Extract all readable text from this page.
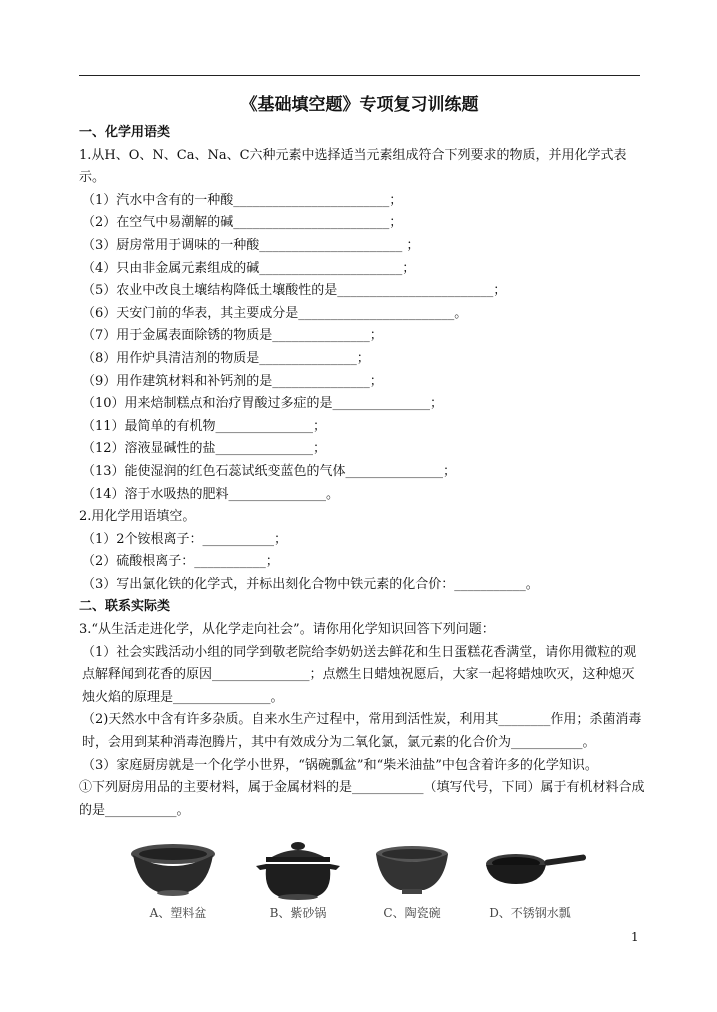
《基础填空题》专项复习训练题
一、化学用语类
1.从H、O、N、Ca、Na、C六种元素中选择适当元素组成符合下列要求的物质，并用化学式表示。
（1）汽水中含有的一种酸________________________；
（2）在空气中易潮解的碱________________________；
（3）厨房常用于调味的一种酸______________________ ；
（4）只由非金属元素组成的碱______________________；
（5）农业中改良土壤结构降低土壤酸性的是________________________；
（6）天安门前的华表，其主要成分是________________________。
（7）用于金属表面除锈的物质是_______________；
（8）用作炉具清洁剂的物质是_______________；
（9）用作建筑材料和补钙剂的是_______________；
（10）用来焙制糕点和治疗胃酸过多症的是_______________；
（11）最简单的有机物_______________；
（12）溶液显碱性的盐_______________；
（13）能使湿润的红色石蕊试纸变蓝色的气体_______________；
（14）溶于水吸热的肥料_______________。
2.用化学用语填空。
（1）2个铵根离子：___________；
（2）硫酸根离子：___________；
（3）写出氯化铁的化学式，并标出刻化合物中铁元素的化合价：___________。
二、联系实际类
3.“从生活走进化学，从化学走向社会”。请你用化学知识回答下列问题：
（1）社会实践活动小组的同学到敬老院给李奶奶送去鲜花和生日蛋糕花香满堂，请你用微粒的观点解释闻到花香的原因_______________；点燃生日蜡烛祝愿后，大家一起将蜡烛吹灭，这种熄灭烛火焰的原理是_______________。
（2)天然水中含有许多杂质。自来水生产过程中，常用到活性炭，利用其________作用；杀菌消毒时，会用到某种消毒泡腾片，其中有效成分为二氧化氯，氯元素的化合价为___________。
（3）家庭厨房就是一个化学小世界，“锅碗瓢盆”和“柴米油盐”中包含着许多的化学知识。
①下列厨房用品的主要材料，属于金属材料的是___________（填写代号，下同）属于有机材料合成的是___________。
A、塑料盆	B、紫砂锅	C、陶瓷碗	D、不锈钢水瓢
1
